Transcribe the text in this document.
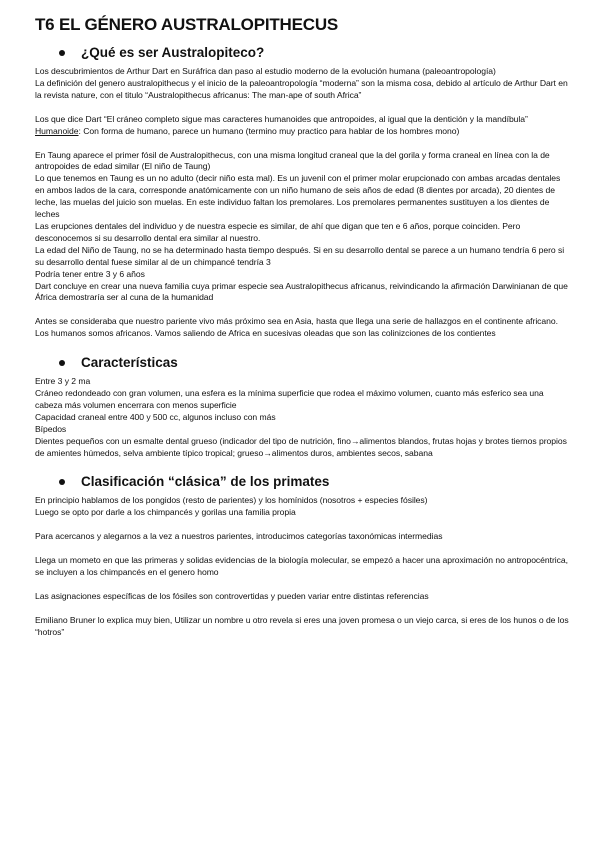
T6 EL GÉNERO AUSTRALOPITHECUS
¿Qué es ser Australopiteco?

Los descubrimientos de Arthur Dart en Suráfrica dan paso al estudio moderno de la evolución humana (paleoantropología)

La definición del genero australopithecus y el inicio de la paleoantropología “moderna” son la misma cosa, debido al artículo de Arthur Dart en la revista nature, con el titulo “Australopithecus africanus: The man-ape of south Africa”

Los que dice Dart “El cráneo completo sigue mas caracteres humanoides que antropoides, al igual que la dentición y la mandíbula”

Humanoide: Con forma de humano, parece un humano (termino muy practico para hablar de los hombres mono)

En Taung aparece el primer fósil de Australopithecus, con una misma longitud craneal que la del gorila y forma craneal en línea con la de antropoides de edad similar (El niño de Taung)

Lo que tenemos en Taung es un no adulto (decir niño esta mal). Es un juvenil con el primer molar erupcionado con ambas arcadas dentales en ambos lados de la cara, corresponde anatómicamente con un niño humano de seis años de edad (8 dientes por arcada), 20 dientes de leche, las muelas del juicio son muelas. En este individuo faltan los premolares. Los premolares permanentes sustituyen a los dientes de leches

Las erupciones dentales del individuo y de nuestra especie es similar, de ahí que digan que ten e 6 años, porque coinciden. Pero desconocemos si su desarrollo dental era similar al nuestro.

La edad del Niño de Taung, no se ha determinado hasta tiempo después. Si en su desarrollo dental se parece a un humano tendría 6 pero si su desarrollo dental fuese similar al de un chimpancé tendría 3

Podría tener entre 3 y 6 años

Dart concluye en crear una nueva familia cuya primar especie sea Australopithecus africanus, reivindicando la afirmación Darwinianan de que África demostraría ser al cuna de la humanidad

Antes se consideraba que nuestro pariente vivo más próximo sea en Asia, hasta que llega una serie de hallazgos en el continente africano. Los humanos somos africanos. Vamos saliendo de Africa en sucesivas oleadas que son las colinizciones de los contientes

Características

Entre 3 y 2 ma

Cráneo redondeado con gran volumen, una esfera es la mínima superficie que rodea el máximo volumen, cuanto más esferico sea una cabeza más volumen encerrara con menos superficie

Capacidad craneal entre 400 y 500 cc, algunos incluso con más

Bípedos

Dientes pequeños con un esmalte dental grueso (indicador del tipo de nutrición, fino→alimentos blandos, frutas hojas y brotes tiernos propios de amientes húmedos, selva ambiente típico tropical; grueso→alimentos duros, ambientes secos, sabana

Clasificación “clásica” de los primates

En principio hablamos de los pongidos (resto de parientes) y los homínidos (nosotros + especies fósiles)

Luego se opto por darle a los chimpancés y gorilas una familia propia

Para acercanos y alegarnos a la vez a nuestros parientes, introducimos categorías taxonómicas intermedias

Llega un mometo en que las primeras y solidas evidencias de la biología molecular, se empezó a hacer una aproximación no antropocéntrica, se incluyen a los chimpancés en el genero homo

Las asignaciones específicas de los fósiles son controvertidas y pueden variar entre distintas referencias

Emiliano Bruner lo explica muy bien, Utilizar un nombre u otro revela si eres una joven promesa o un viejo carca, si eres de los hunos o de los “hotros”
